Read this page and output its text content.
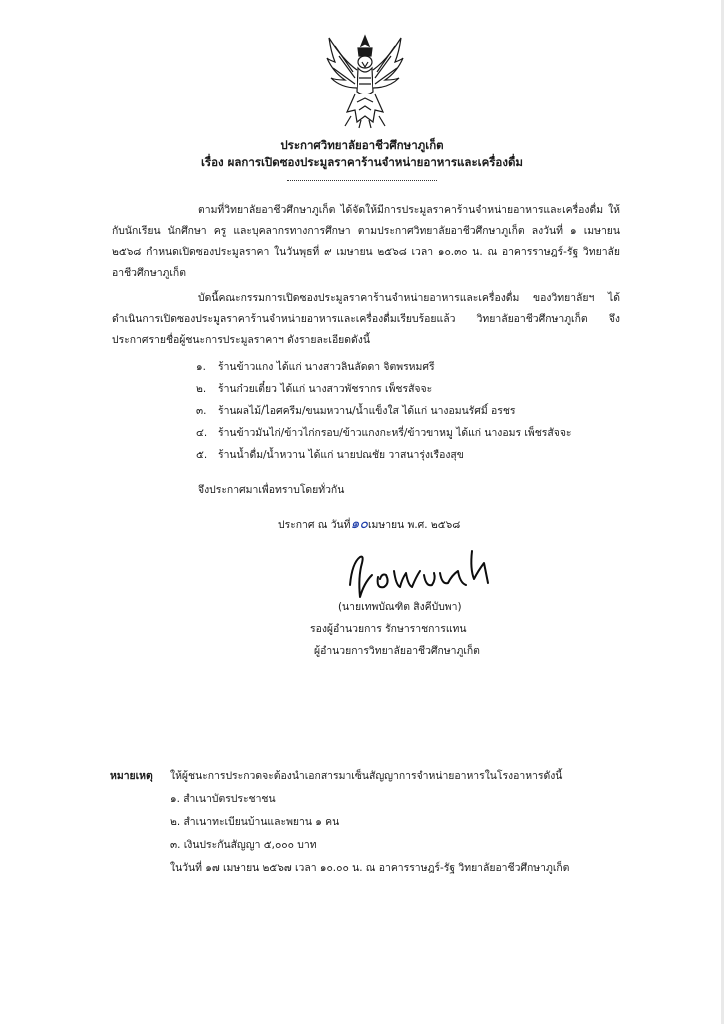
ประกาศวิทยาลัยอาชีวศึกษาภูเก็ต
เรื่อง ผลการเปิดซองประมูลราคาร้านจำหน่ายอาหารและเครื่องดื่ม
ตามที่วิทยาลัยอาชีวศึกษาภูเก็ต ได้จัดให้มีการประมูลราคาร้านจำหน่ายอาหารและเครื่องดื่ม ให้กับนักเรียน นักศึกษา ครู และบุคลากรทางการศึกษา ตามประกาศวิทยาลัยอาชีวศึกษาภูเก็ต ลงวันที่ ๑ เมษายน ๒๕๖๘ กำหนดเปิดซองประมูลราคา ในวันพุธที่ ๙ เมษายน ๒๕๖๘ เวลา ๑๐.๓๐ น. ณ อาคารราษฎร์-รัฐ วิทยาลัยอาชีวศึกษาภูเก็ต
บัดนี้คณะกรรมการเปิดซองประมูลราคาร้านจำหน่ายอาหารและเครื่องดื่ม ของวิทยาลัยฯ ได้ดำเนินการเปิดซองประมูลราคาร้านจำหน่ายอาหารและเครื่องดื่มเรียบร้อยแล้ว วิทยาลัยอาชีวศึกษาภูเก็ต จึงประกาศรายชื่อผู้ชนะการประมูลราคาฯ ดังรายละเอียดดังนี้
๑. ร้านข้าวแกง ได้แก่ นางสาวลินลัดดา จิตพรหมศรี
๒. ร้านก๋วยเตี๋ยว ได้แก่ นางสาวพัชรากร เพ็ชรสัจจะ
๓. ร้านผลไม้/ไอศครีม/ขนมหวาน/น้ำแข็งใส ได้แก่ นางอมนรัศมิ์ อรชร
๔. ร้านข้าวมันไก่/ข้าวไก่กรอบ/ข้าวแกงกะหรี่/ข้าวขาหมู ได้แก่ นางอมร เพ็ชรสัจจะ
๕. ร้านน้ำดื่ม/น้ำหวาน ได้แก่ นายปณชัย วาสนารุ่งเรืองสุข
จึงประกาศมาเพื่อทราบโดยทั่วกัน
ประกาศ ณ วันที่๑๐เมษายน พ.ศ. ๒๕๖๘
(นายเทพบัณฑิต สิงคีบับพา)
รองผู้อำนวยการ รักษาราชการแทน
ผู้อำนวยการวิทยาลัยอาชีวศึกษาภูเก็ต
หมายเหตุ ให้ผู้ชนะการประกวดจะต้องนำเอกสารมาเซ็นสัญญาการจำหน่ายอาหารในโรงอาหารดังนี้
๑. สำเนาบัตรประชาชน
๒. สำเนาทะเบียนบ้านและพยาน ๑ คน
๓. เงินประกันสัญญา ๕,๐๐๐ บาท
ในวันที่ ๑๗ เมษายน ๒๕๖๗ เวลา ๑๐.๐๐ น. ณ อาคารราษฎร์-รัฐ วิทยาลัยอาชีวศึกษาภูเก็ต
